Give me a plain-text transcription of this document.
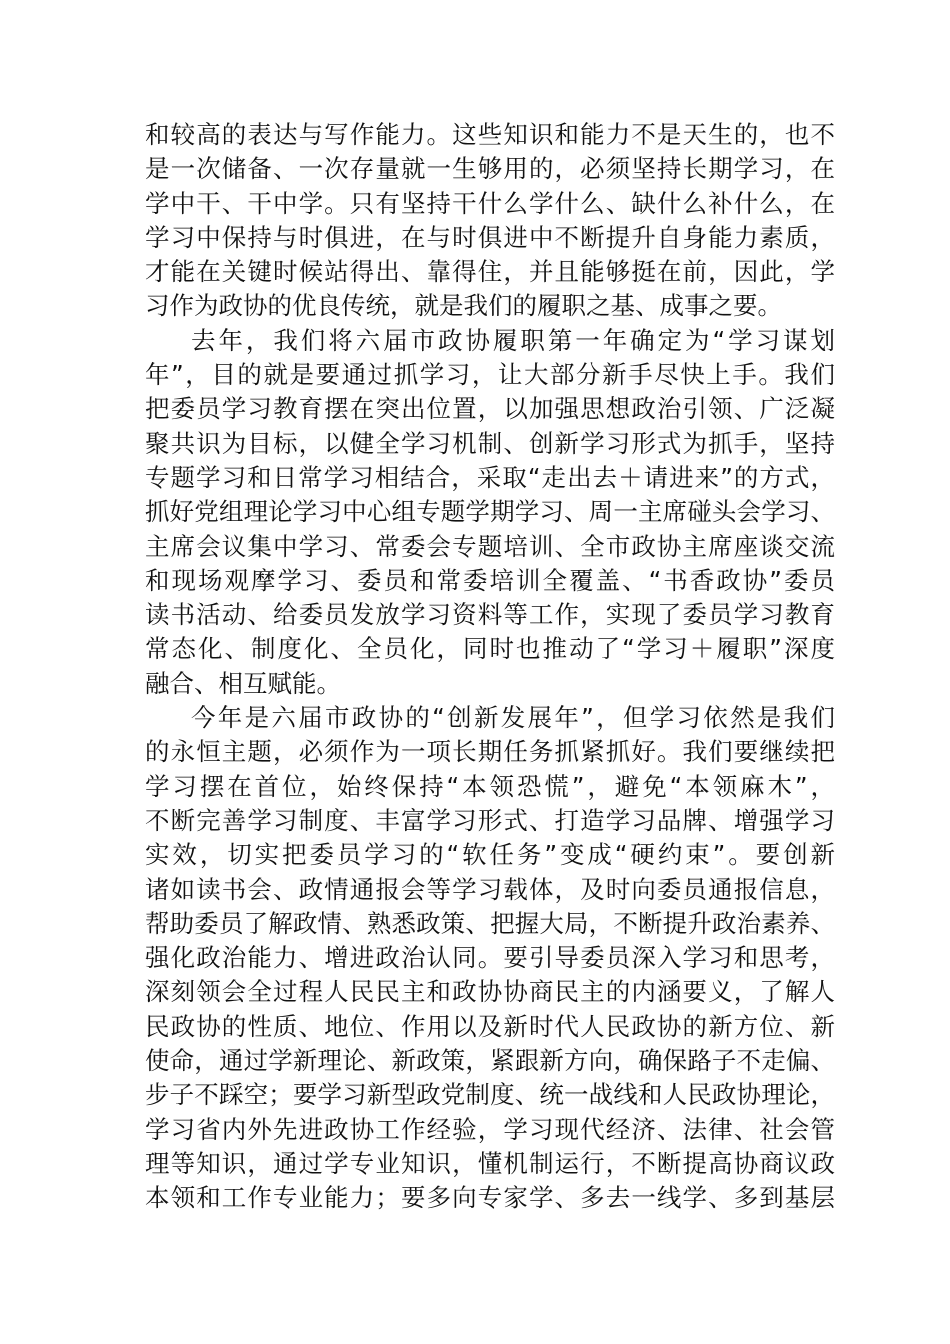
和较高的表达与写作能力。这些知识和能力不是天生的，也不
是一次储备、一次存量就一生够用的，必须坚持长期学习，在
学中干、干中学。只有坚持干什么学什么、缺什么补什么，在
学习中保持与时俱进，在与时俱进中不断提升自身能力素质，
才能在关键时候站得出、靠得住，并且能够挺在前，因此，学
习作为政协的优良传统，就是我们的履职之基、成事之要。
去年，我们将六届市政协履职第一年确定为“学习谋划
年”，目的就是要通过抓学习，让大部分新手尽快上手。我们
把委员学习教育摆在突出位置，以加强思想政治引领、广泛凝
聚共识为目标，以健全学习机制、创新学习形式为抓手，坚持
专题学习和日常学习相结合，采取“走出去＋请进来”的方式，
抓好党组理论学习中心组专题学期学习、周一主席碰头会学习、
主席会议集中学习、常委会专题培训、全市政协主席座谈交流
和现场观摩学习、委员和常委培训全覆盖、“书香政协”委员
读书活动、给委员发放学习资料等工作，实现了委员学习教育
常态化、制度化、全员化，同时也推动了“学习＋履职”深度
融合、相互赋能。
今年是六届市政协的“创新发展年”，但学习依然是我们
的永恒主题，必须作为一项长期任务抓紧抓好。我们要继续把
学习摆在首位，始终保持“本领恐慌”，避免“本领麻木”，
不断完善学习制度、丰富学习形式、打造学习品牌、增强学习
实效，切实把委员学习的“软任务”变成“硬约束”。要创新
诸如读书会、政情通报会等学习载体，及时向委员通报信息，
帮助委员了解政情、熟悉政策、把握大局，不断提升政治素养、
强化政治能力、增进政治认同。要引导委员深入学习和思考，
深刻领会全过程人民民主和政协协商民主的内涵要义，了解人
民政协的性质、地位、作用以及新时代人民政协的新方位、新
使命，通过学新理论、新政策，紧跟新方向，确保路子不走偏、
步子不踩空；要学习新型政党制度、统一战线和人民政协理论，
学习省内外先进政协工作经验，学习现代经济、法律、社会管
理等知识，通过学专业知识，懂机制运行，不断提高协商议政
本领和工作专业能力；要多向专家学、多去一线学、多到基层
